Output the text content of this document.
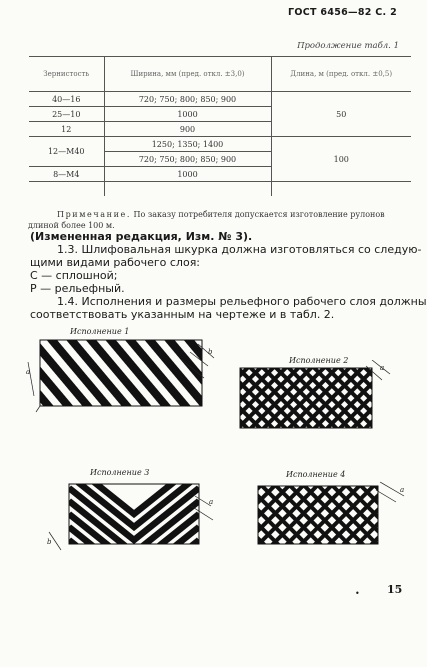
ГОСТ 6456—82 С. 2
Продолжение табл. 1
Зернистость	Ширина, мм (пред. откл. ±3,0)	Длина, м (пред. откл. ±0,5)
40—16	720; 750; 800; 850; 900	50
25—10	1000	
12	900	
12—М40	1250; 1350; 1400	100
	720; 750; 800; 850; 900	
8—М4	1000	

Примечание. По заказу потребителя допускается изготовление рулонов
длиной более 100 м.
(Измененная редакция, Изм. № 3).
1.3. Шлифовальная шкурка должна изготовляться со следую-
щими видами рабочего слоя:
С — сплошной;
Р — рельефный.
1.4. Исполнения и размеры рельефного рабочего слоя должны
соответствовать указанным на чертеже и в табл. 2.
Исполнение 1
a
b
Исполнение 2
a
Исполнение 3
a
b
Исполнение 4
a
• 15
